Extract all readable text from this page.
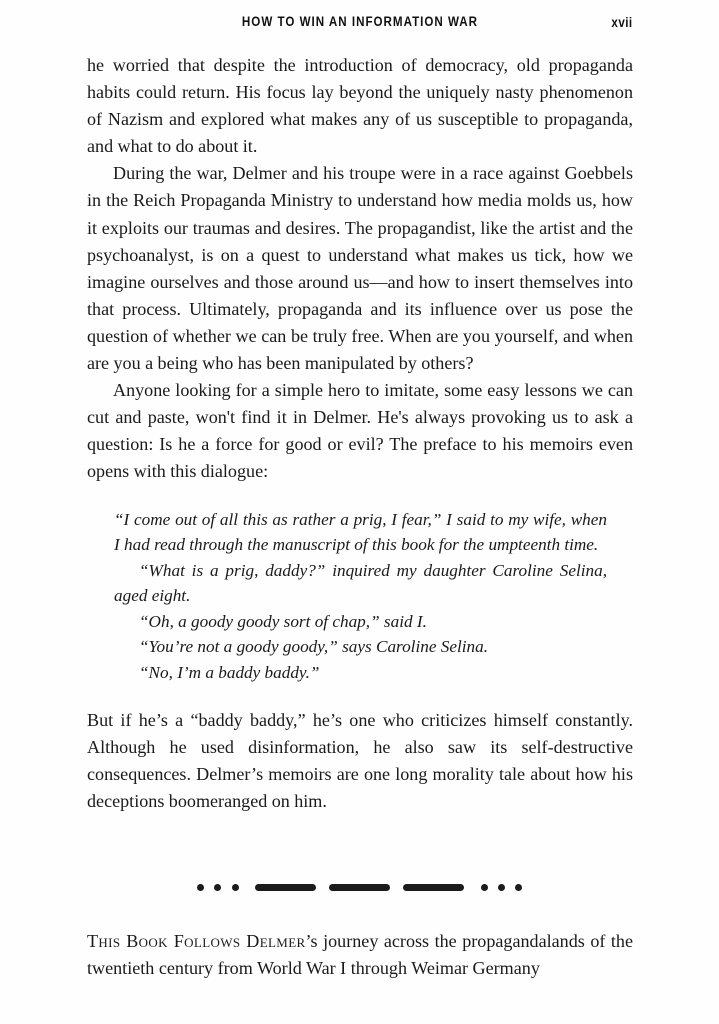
HOW TO WIN AN INFORMATION WAR	xvii

he worried that despite the introduction of democracy, old propaganda habits could return. His focus lay beyond the uniquely nasty phenomenon of Nazism and explored what makes any of us susceptible to propaganda, and what to do about it.

During the war, Delmer and his troupe were in a race against Goebbels in the Reich Propaganda Ministry to understand how media molds us, how it exploits our traumas and desires. The propagandist, like the artist and the psychoanalyst, is on a quest to understand what makes us tick, how we imagine ourselves and those around us—and how to insert themselves into that process. Ultimately, propaganda and its influence over us pose the question of whether we can be truly free. When are you yourself, and when are you a being who has been manipulated by others?

Anyone looking for a simple hero to imitate, some easy lessons we can cut and paste, won't find it in Delmer. He's always provoking us to ask a question: Is he a force for good or evil? The preface to his memoirs even opens with this dialogue:

“I come out of all this as rather a prig, I fear,” I said to my wife, when I had read through the manuscript of this book for the umpteenth time.

“What is a prig, daddy?” inquired my daughter Caroline Selina, aged eight.

“Oh, a goody goody sort of chap,” said I.

“You’re not a goody goody,” says Caroline Selina.

“No, I’m a baddy baddy.”

But if he’s a “baddy baddy,” he’s one who criticizes himself constantly. Although he used disinformation, he also saw its self-destructive consequences. Delmer’s memoirs are one long morality tale about how his deceptions boomeranged on him.

This Book Follows Delmer’s journey across the propagandalands of the twentieth century from World War I through Weimar Germany
